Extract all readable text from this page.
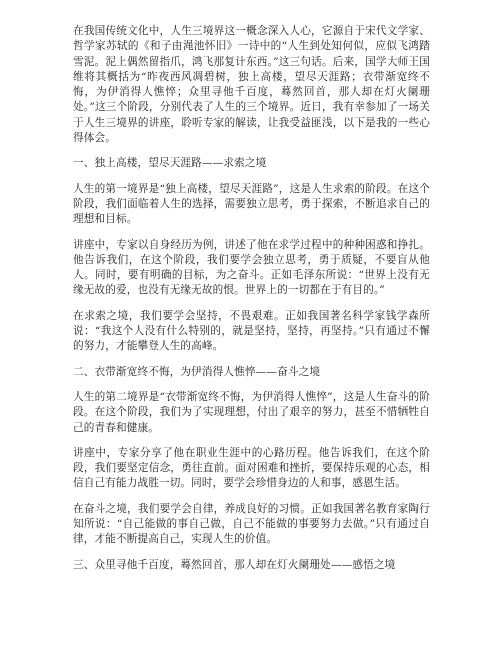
在我国传统文化中，人生三境界这一概念深入人心，它源自于宋代文学家、哲学家苏轼的《和子由渑池怀旧》一诗中的“人生到处知何似，应似飞鸿踏雪泥。泥上偶然留指爪，鸿飞那复计东西。”这三句话。后来，国学大师王国维将其概括为“昨夜西风凋碧树，独上高楼，望尽天涯路；衣带渐宽终不悔，为伊消得人憔悴；众里寻他千百度，蓦然回首，那人却在灯火阑珊处。”这三个阶段，分别代表了人生的三个境界。近日，我有幸参加了一场关于人生三境界的讲座，聆听专家的解读，让我受益匪浅，以下是我的一些心得体会。

一、独上高楼，望尽天涯路——求索之境

人生的第一境界是“独上高楼，望尽天涯路”，这是人生求索的阶段。在这个阶段，我们面临着人生的选择，需要独立思考，勇于探索，不断追求自己的理想和目标。

讲座中，专家以自身经历为例，讲述了他在求学过程中的种种困惑和挣扎。他告诉我们，在这个阶段，我们要学会独立思考，勇于质疑，不要盲从他人。同时，要有明确的目标，为之奋斗。正如毛泽东所说：“世界上没有无缘无故的爱，也没有无缘无故的恨。世界上的一切都在于有目的。”

在求索之境，我们要学会坚持，不畏艰难。正如我国著名科学家钱学森所说：“我这个人没有什么特别的，就是坚持，坚持，再坚持。”只有通过不懈的努力，才能攀登人生的高峰。

二、衣带渐宽终不悔，为伊消得人憔悴——奋斗之境

人生的第二境界是“衣带渐宽终不悔，为伊消得人憔悴”，这是人生奋斗的阶段。在这个阶段，我们为了实现理想，付出了艰辛的努力，甚至不惜牺牲自己的青春和健康。

讲座中，专家分享了他在职业生涯中的心路历程。他告诉我们，在这个阶段，我们要坚定信念，勇往直前。面对困难和挫折，要保持乐观的心态，相信自己有能力战胜一切。同时，要学会珍惜身边的人和事，感恩生活。

在奋斗之境，我们要学会自律，养成良好的习惯。正如我国著名教育家陶行知所说：“自己能做的事自己做，自己不能做的事要努力去做。”只有通过自律，才能不断提高自己，实现人生的价值。

三、众里寻他千百度，蓦然回首，那人却在灯火阑珊处——感悟之境
